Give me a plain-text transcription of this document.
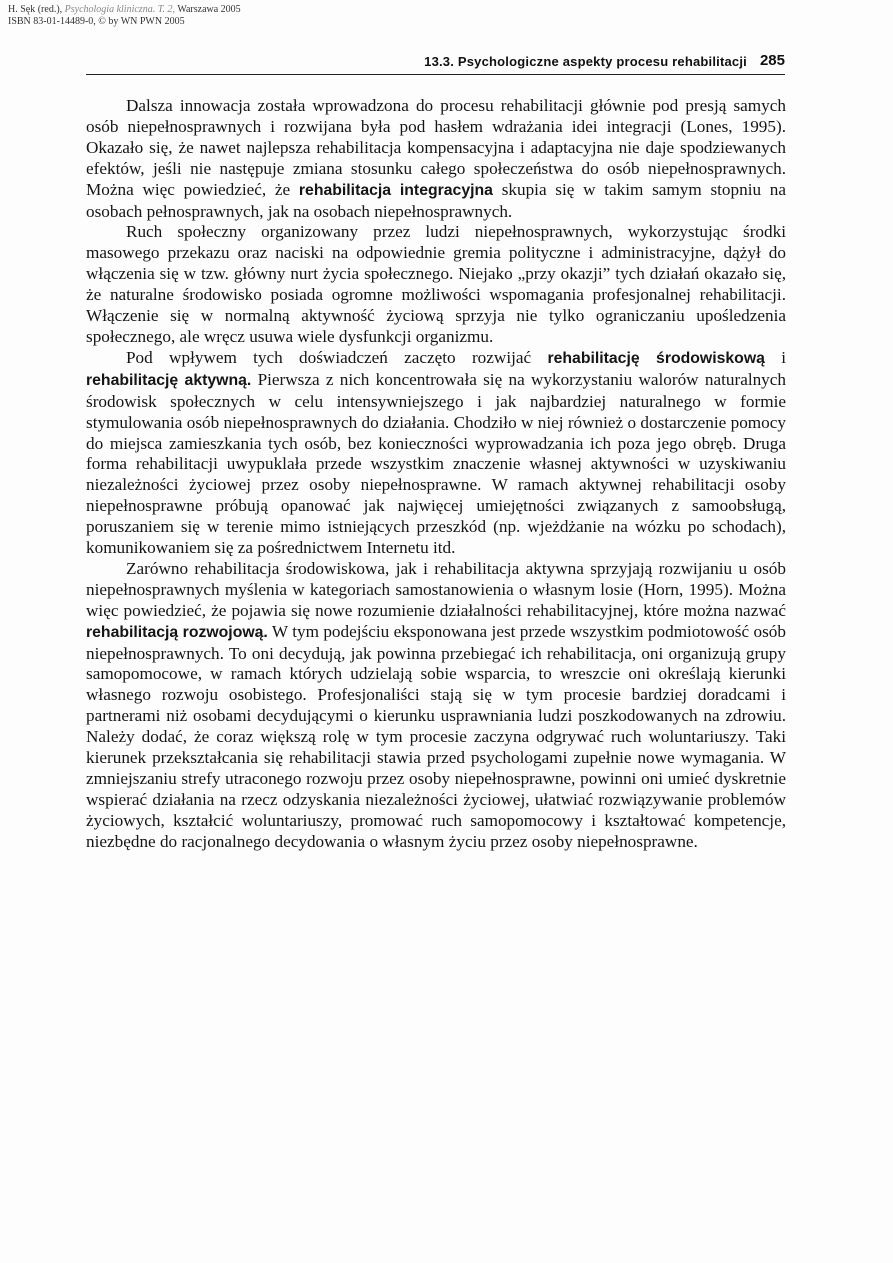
H. Sęk (red.), Psychologia kliniczna. T. 2, Warszawa 2005
ISBN 83-01-14489-0, © by WN PWN 2005
13.3. Psychologiczne aspekty procesu rehabilitacji 285

Dalsza innowacja została wprowadzona do procesu rehabilitacji głównie pod presją samych osób niepełnosprawnych i rozwijana była pod hasłem wdrażania idei integracji (Lones, 1995). Okazało się, że nawet najlepsza rehabilitacja kompensacyjna i adaptacyjna nie daje spodziewanych efektów, jeśli nie następuje zmiana stosunku całego społeczeństwa do osób niepełnosprawnych. Można więc powiedzieć, że rehabilitacja integracyjna skupia się w takim samym stopniu na osobach pełnosprawnych, jak na osobach niepełnosprawnych.

Ruch społeczny organizowany przez ludzi niepełnosprawnych, wykorzystując środki masowego przekazu oraz naciski na odpowiednie gremia polityczne i administracyjne, dążył do włączenia się w tzw. główny nurt życia społecznego. Niejako „przy okazji” tych działań okazało się, że naturalne środowisko posiada ogromne możliwości wspomagania profesjonalnej rehabilitacji. Włączenie się w normalną aktywność życiową sprzyja nie tylko ograniczaniu upośledzenia społecznego, ale wręcz usuwa wiele dysfunkcji organizmu.

Pod wpływem tych doświadczeń zaczęto rozwijać rehabilitację środowiskową i rehabilitację aktywną. Pierwsza z nich koncentrowała się na wykorzystaniu walorów naturalnych środowisk społecznych w celu intensywniejszego i jak najbardziej naturalnego w formie stymulowania osób niepełnosprawnych do działania. Chodziło w niej również o dostarczenie pomocy do miejsca zamieszkania tych osób, bez konieczności wyprowadzania ich poza jego obręb. Druga forma rehabilitacji uwypuklała przede wszystkim znaczenie własnej aktywności w uzyskiwaniu niezależności życiowej przez osoby niepełnosprawne. W ramach aktywnej rehabilitacji osoby niepełnosprawne próbują opanować jak najwięcej umiejętności związanych z samoobsługą, poruszaniem się w terenie mimo istniejących przeszkód (np. wjeżdżanie na wózku po schodach), komunikowaniem się za pośrednictwem Internetu itd.

Zarówno rehabilitacja środowiskowa, jak i rehabilitacja aktywna sprzyjają rozwijaniu u osób niepełnosprawnych myślenia w kategoriach samostanowienia o własnym losie (Horn, 1995). Można więc powiedzieć, że pojawia się nowe rozumienie działalności rehabilitacyjnej, które można nazwać rehabilitacją rozwojową. W tym podejściu eksponowana jest przede wszystkim podmiotowość osób niepełnosprawnych. To oni decydują, jak powinna przebiegać ich rehabilitacja, oni organizują grupy samopomocowe, w ramach których udzielają sobie wsparcia, to wreszcie oni określają kierunki własnego rozwoju osobistego. Profesjonaliści stają się w tym procesie bardziej doradcami i partnerami niż osobami decydującymi o kierunku usprawniania ludzi poszkodowanych na zdrowiu. Należy dodać, że coraz większą rolę w tym procesie zaczyna odgrywać ruch woluntariuszy. Taki kierunek przekształcania się rehabilitacji stawia przed psychologami zupełnie nowe wymagania. W zmniejszaniu strefy utraconego rozwoju przez osoby niepełnosprawne, powinni oni umieć dyskretnie wspierać działania na rzecz odzyskania niezależności życiowej, ułatwiać rozwiązywanie problemów życiowych, kształcić woluntariuszy, promować ruch samopomocowy i kształtować kompetencje, niezbędne do racjonalnego decydowania o własnym życiu przez osoby niepełnosprawne.
